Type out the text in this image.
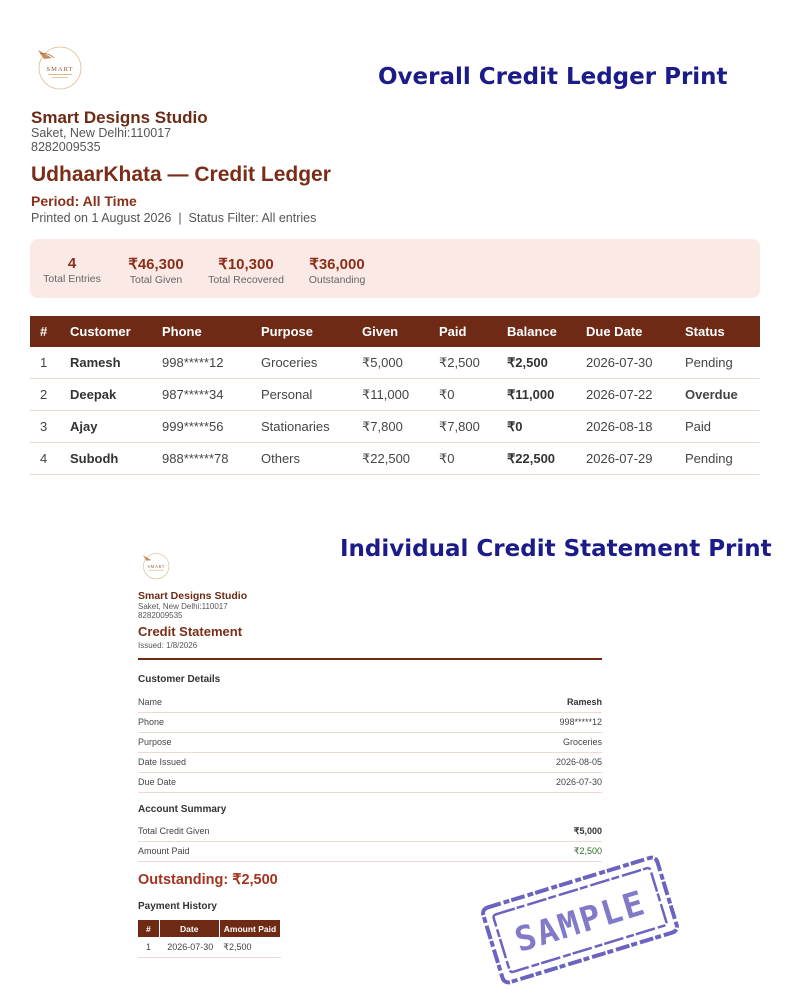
SMART	Overall Credit Ledger Print
Smart Designs Studio
Saket, New Delhi:110017
8282009535
UdhaarKhata — Credit Ledger
Period: All Time
Printed on 1 August 2026  |  Status Filter: All entries
4
Total Entries
₹46,300
Total Given
₹10,300
Total Recovered
₹36,000
Outstanding
#	Customer	Phone	Purpose	Given	Paid	Balance	Due Date	Status
1	Ramesh	998*****12	Groceries	₹5,000	₹2,500	₹2,500	2026-07-30	Pending
2	Deepak	987*****34	Personal	₹11,000	₹0	₹11,000	2026-07-22	Overdue
3	Ajay	999*****56	Stationaries	₹7,800	₹7,800	₹0	2026-08-18	Paid
4	Subodh	988******78	Others	₹22,500	₹0	₹22,500	2026-07-29	Pending
Individual Credit Statement Print
SMART
Smart Designs Studio
Saket, New Delhi:110017
8282009535
Credit Statement
Issued: 1/8/2026
Customer Details
Name	Ramesh
Phone	998*****12
Purpose	Groceries
Date Issued	2026-08-05
Due Date	2026-07-30
Account Summary
Total Credit Given	₹5,000
Amount Paid	₹2,500
Outstanding: ₹2,500
Payment History
#	Date	Amount Paid
1	2026-07-30	₹2,500	SAMPLE
